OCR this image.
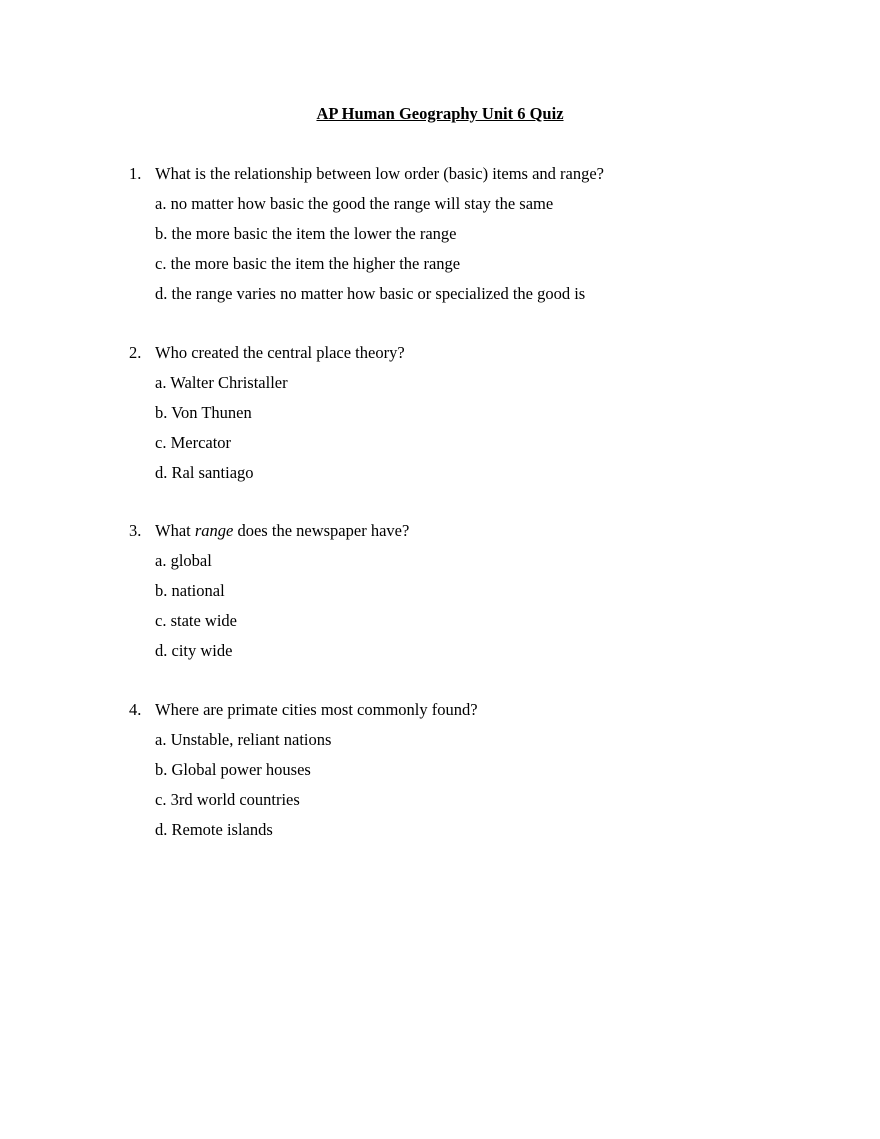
AP Human Geography Unit 6 Quiz
1. What is the relationship between low order (basic) items and range?
a. no matter how basic the good the range will stay the same
b. the more basic the item the lower the range
c. the more basic the item the higher the range
d. the range varies no matter how basic or specialized the good is
2. Who created the central place theory?
a. Walter Christaller
b. Von Thunen
c. Mercator
d. Ral santiago
3. What range does the newspaper have?
a. global
b. national
c. state wide
d. city wide
4. Where are primate cities most commonly found?
a. Unstable, reliant nations
b. Global power houses
c. 3rd world countries
d. Remote islands
